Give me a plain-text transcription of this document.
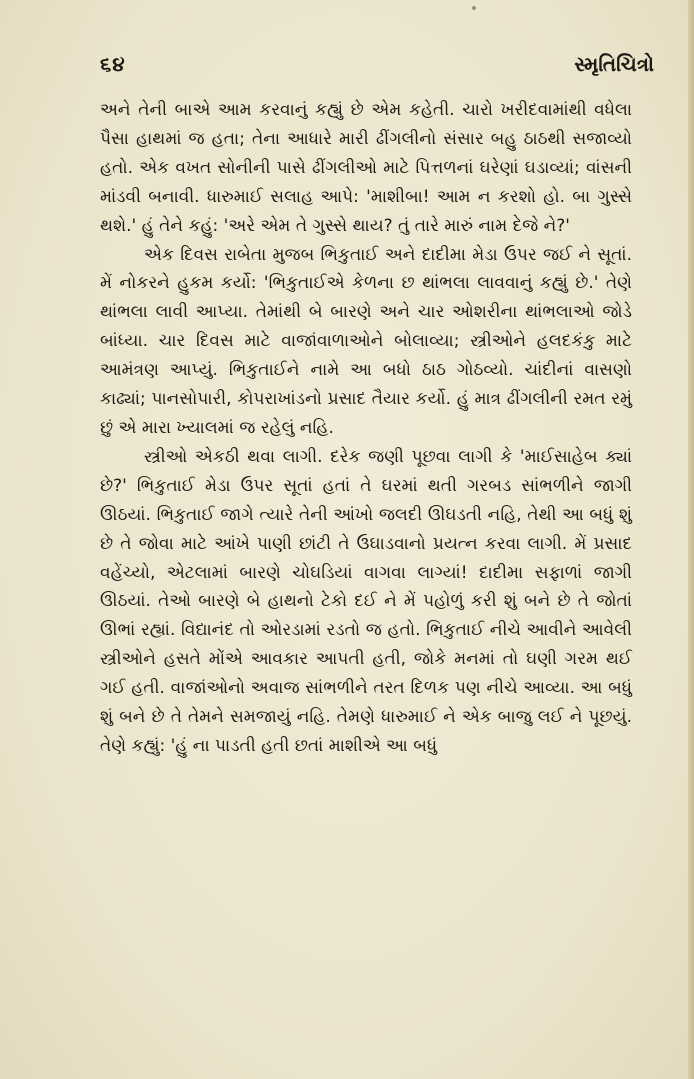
૬૪	સ્મૃતિચિત્રો

અને તેની બાએ આમ કરવાનું કહ્યું છે એમ કહેતી. ચારો ખરીદવામાંથી વધેલા પૈસા હાથમાં જ હતા; તેના આધારે મારી ઢીંગલીનો સંસાર બહુ ઠાઠથી સજાવ્યો હતો. એક વખત સોનીની પાસે ઢીંગલીઓ માટે પિત્તળનાં ઘરેણાં ઘડાવ્યાં; વાંસની માંડવી બનાવી. ધારુમાઈ સલાહ આપે: 'માશીબા! આમ ન કરશો હો. બા ગુસ્સે થશે.' હું તેને કહું: 'અરે એમ તે ગુસ્સે થાય? તું તારે મારું નામ દેજે ને?'

એક દિવસ રાબેતા મુજબ ભિકુતાઈ અને દાદીમા મેડા ઉપર જઈ ને સૂતાં. મેં નોકરને હુકમ કર્યો: 'ભિકુતાઈએ કેળના છ થાંભલા લાવવાનું કહ્યું છે.' તેણે થાંભલા લાવી આપ્યા. તેમાંથી બે બારણે અને ચાર ઓશરીના થાંભલાઓ જોડે બાંધ્યા. ચાર દિવસ માટે વાજાંવાળાઓને બોલાવ્યા; સ્ત્રીઓને હલદકંકુ માટે આમંત્રણ આપ્યું. ભિકુતાઈને નામે આ બધો ઠાઠ ગોઠવ્યો. ચાંદીનાં વાસણો કાઢ્યાં; પાનસોપારી, કોપરાખાંડનો પ્રસાદ તૈયાર કર્યો. હું માત્ર ઢીંગલીની રમત રમું છું એ મારા ખ્યાલમાં જ રહેલું નહિ.

સ્ત્રીઓ એકઠી થવા લાગી. દરેક જણી પૂછવા લાગી કે 'માઈસાહેબ ક્યાં છે?' ભિકુતાઈ મેડા ઉપર સૂતાં હતાં તે ઘરમાં થતી ગરબડ સાંભળીને જાગી ઊઠયાં. ભિકુતાઈ જાગે ત્યારે તેની આંખો જલદી ઊઘડતી નહિ, તેથી આ બધું શું છે તે જોવા માટે આંખે પાણી છાંટી તે ઉઘાડવાનો પ્રયત્ન કરવા લાગી. મેં પ્રસાદ વહેંચ્યો, એટલામાં બારણે ચોઘડિયાં વાગવા લાગ્યાં! દાદીમા સફાળાં જાગી ઊઠયાં. તેઓ બારણે બે હાથનો ટેકો દઈ ને મેં પહોળું કરી શું બને છે તે જોતાં ઊભાં રહ્યાં. વિદ્યાનંદ તો ઓરડામાં રડતો જ હતો. ભિકુતાઈ નીચે આવીને આવેલી સ્ત્રીઓને હસતે મોંએ આવકાર આપતી હતી, જોકે મનમાં તો ઘણી ગરમ થઈ ગઈ હતી. વાજાંઓનો અવાજ સાંભળીને તરત દિળક પણ નીચે આવ્યા. આ બધું શું બને છે તે તેમને સમજાયું નહિ. તેમણે ધારુમાઈ ને એક બાજુ લઈ ને પૂછયું. તેણે કહ્યું: 'હું ના પાડતી હતી છતાં માશીએ આ બધું
